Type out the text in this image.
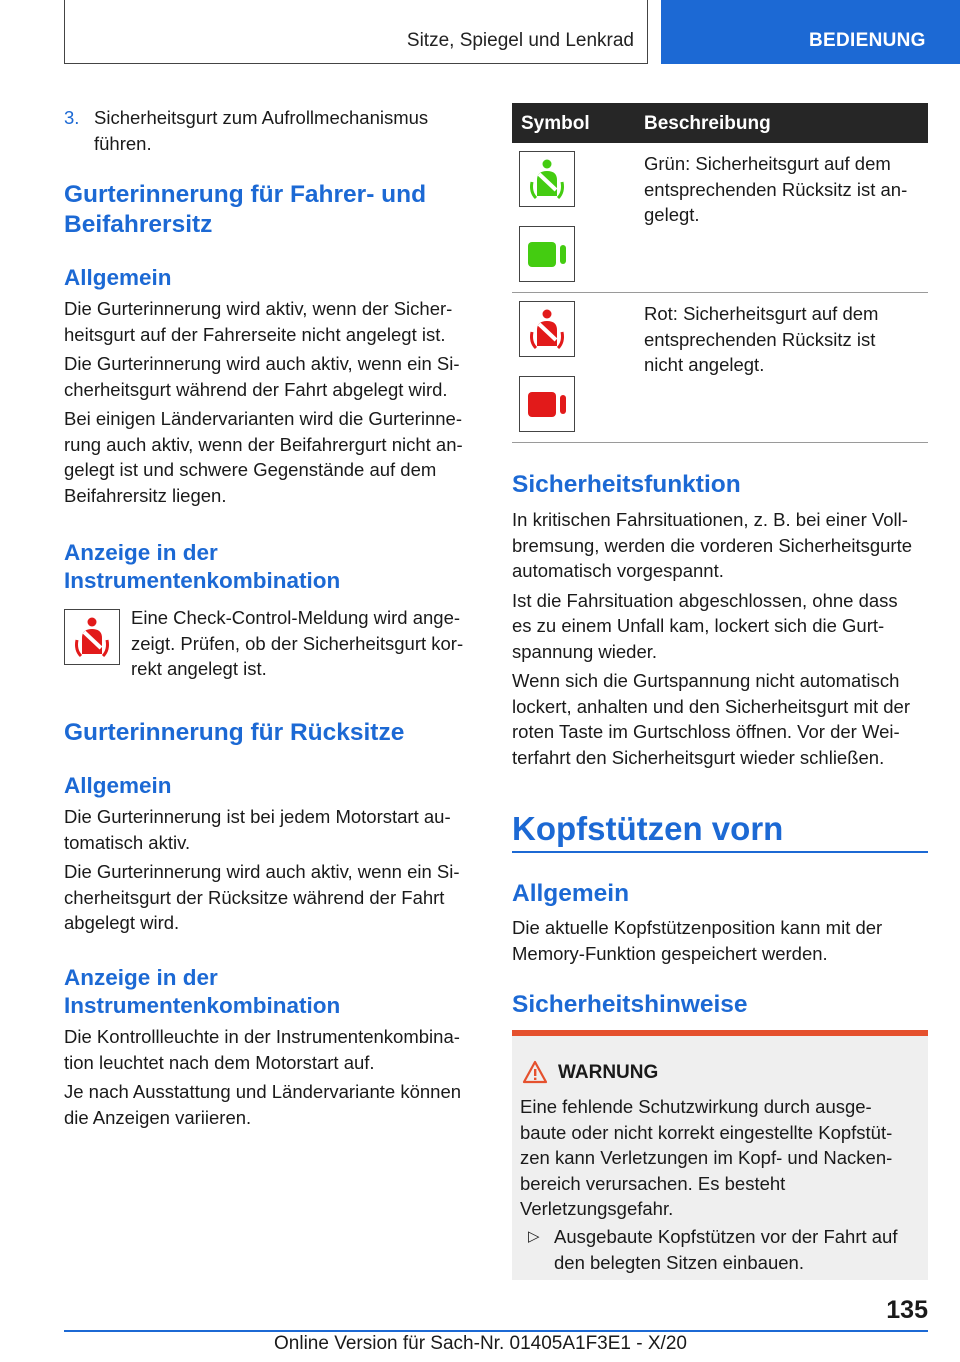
Sitze, Spiegel und Lenkrad	BEDIENUNG
3. Sicherheitsgurt zum Aufrollmechanismus

führen.

Gurterinnerung für Fahrer- und

Beifahrersitz

Allgemein

Die Gurterinnerung wird aktiv, wenn der Sicher-

heitsgurt auf der Fahrerseite nicht angelegt ist.

Die Gurterinnerung wird auch aktiv, wenn ein Si-

cherheitsgurt während der Fahrt abgelegt wird.

Bei einigen Ländervarianten wird die Gurterinne-

rung auch aktiv, wenn der Beifahrergurt nicht an-

gelegt ist und schwere Gegenstände auf dem

Beifahrersitz liegen.

Anzeige in der

Instrumentenkombination

Eine Check-Control-Meldung wird ange-

zeigt. Prüfen, ob der Sicherheitsgurt kor-

rekt angelegt ist.

Gurterinnerung für Rücksitze
Allgemein

Die Gurterinnerung ist bei jedem Motorstart au-

tomatisch aktiv.

Die Gurterinnerung wird auch aktiv, wenn ein Si-

cherheitsgurt der Rücksitze während der Fahrt

abgelegt wird.

Anzeige in der

Instrumentenkombination

Die Kontrollleuchte in der Instrumentenkombina-

tion leuchtet nach dem Motorstart auf.

Je nach Ausstattung und Ländervariante können

die Anzeigen variieren.

Symbol	Beschreibung

Grün: Sicherheitsgurt auf dem

entsprechenden Rücksitz ist an-

gelegt.

Rot: Sicherheitsgurt auf dem

entsprechenden Rücksitz ist

nicht angelegt.

Sicherheitsfunktion

In kritischen Fahrsituationen, z. B. bei einer Voll-

bremsung, werden die vorderen Sicherheitsgurte

automatisch vorgespannt.

Ist die Fahrsituation abgeschlossen, ohne dass

es zu einem Unfall kam, lockert sich die Gurt-

spannung wieder.

Wenn sich die Gurtspannung nicht automatisch

lockert, anhalten und den Sicherheitsgurt mit der

roten Taste im Gurtschloss öffnen. Vor der Wei-

terfahrt den Sicherheitsgurt wieder schließen.

Kopfstützen vorn
Allgemein

Die aktuelle Kopfstützenposition kann mit der

Memory-Funktion gespeichert werden.

Sicherheitshinweise
WARNUNG

Eine fehlende Schutzwirkung durch ausge-

baute oder nicht korrekt eingestellte Kopfstüt-

zen kann Verletzungen im Kopf- und Nacken-

bereich verursachen. Es besteht

Verletzungsgefahr.

▷ Ausgebaute Kopfstützen vor der Fahrt auf

den belegten Sitzen einbauen.

135
Online Version für Sach-Nr. 01405A1F3E1 - X/20
